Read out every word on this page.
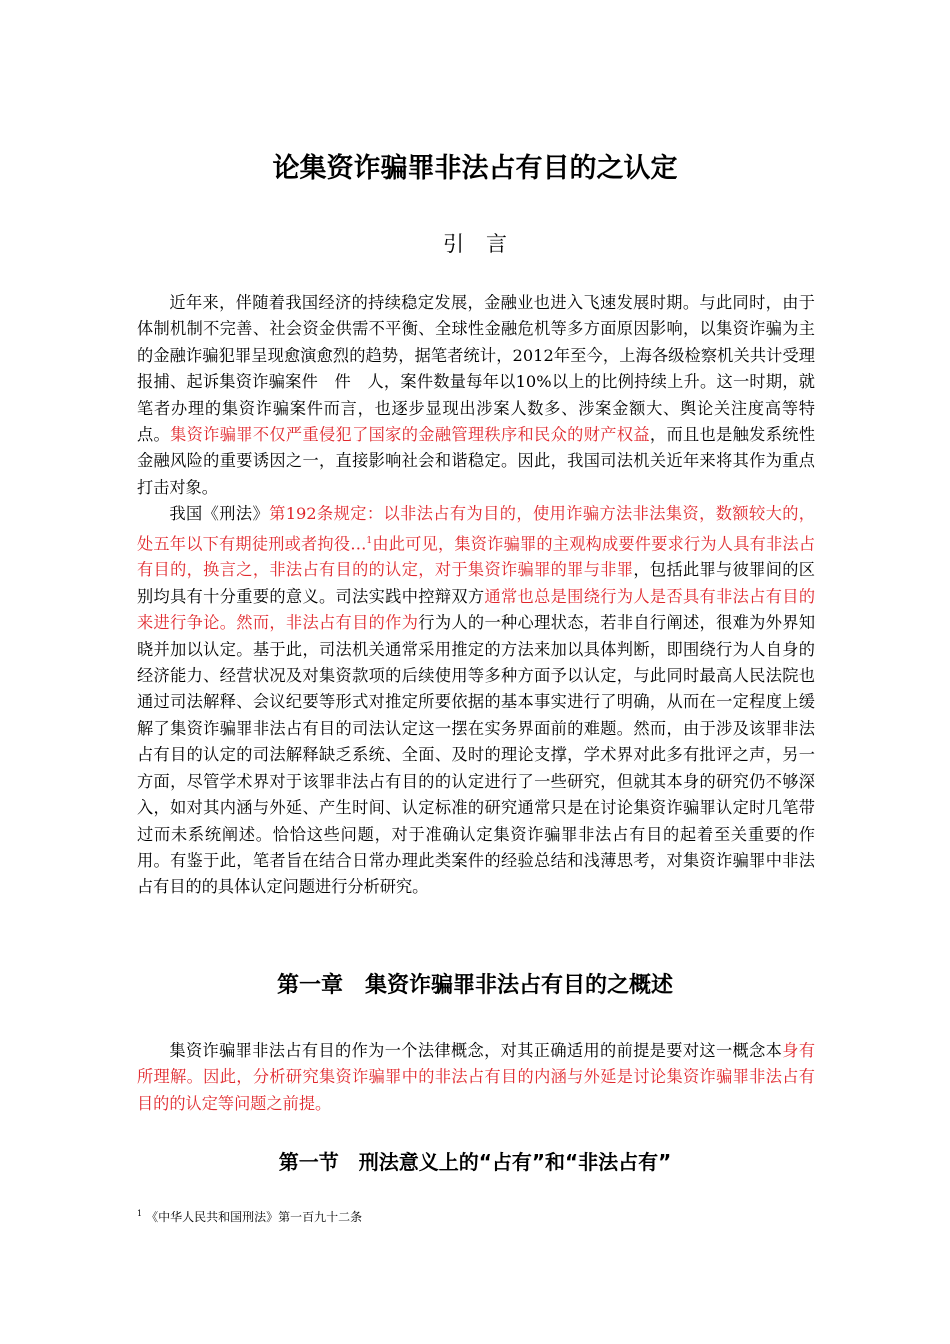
论集资诈骗罪非法占有目的之认定
引言

近年来，伴随着我国经济的持续稳定发展，金融业也进入飞速发展时期。与此同时，由于体制机制不完善、社会资金供需不平衡、全球性金融危机等多方面原因影响，以集资诈骗为主的金融诈骗犯罪呈现愈演愈烈的趋势，据笔者统计，2012年至今，上海各级检察机关共计受理报捕、起诉集资诈骗案件　件　人，案件数量每年以10%以上的比例持续上升。这一时期，就笔者办理的集资诈骗案件而言，也逐步显现出涉案人数多、涉案金额大、舆论关注度高等特点。集资诈骗罪不仅严重侵犯了国家的金融管理秩序和民众的财产权益，而且也是触发系统性金融风险的重要诱因之一，直接影响社会和谐稳定。因此，我国司法机关近年来将其作为重点打击对象。

我国《刑法》第192条规定：以非法占有为目的，使用诈骗方法非法集资，数额较大的，处五年以下有期徒刑或者拘役…$^1$由此可见，集资诈骗罪的主观构成要件要求行为人具有非法占有目的，换言之，非法占有目的的认定，对于集资诈骗罪的罪与非罪，包括此罪与彼罪间的区别均具有十分重要的意义。司法实践中控辩双方通常也总是围绕行为人是否具有非法占有目的来进行争论。然而，非法占有目的作为行为人的一种心理状态，若非自行阐述，很难为外界知晓并加以认定。基于此，司法机关通常采用推定的方法来加以具体判断，即围绕行为人自身的经济能力、经营状况及对集资款项的后续使用等多种方面予以认定，与此同时最高人民法院也通过司法解释、会议纪要等形式对推定所要依据的基本事实进行了明确，从而在一定程度上缓解了集资诈骗罪非法占有目的司法认定这一摆在实务界面前的难题。然而，由于涉及该罪非法占有目的认定的司法解释缺乏系统、全面、及时的理论支撑，学术界对此多有批评之声，另一方面，尽管学术界对于该罪非法占有目的的认定进行了一些研究，但就其本身的研究仍不够深入，如对其内涵与外延、产生时间、认定标准的研究通常只是在讨论集资诈骗罪认定时几笔带过而未系统阐述。恰恰这些问题，对于准确认定集资诈骗罪非法占有目的起着至关重要的作用。有鉴于此，笔者旨在结合日常办理此类案件的经验总结和浅薄思考，对集资诈骗罪中非法占有目的的具体认定问题进行分析研究。

第一章　集资诈骗罪非法占有目的之概述

集资诈骗罪非法占有目的作为一个法律概念，对其正确适用的前提是要对这一概念本身有所理解。因此，分析研究集资诈骗罪中的非法占有目的内涵与外延是讨论集资诈骗罪非法占有目的的认定等问题之前提。

第一节　刑法意义上的“占有”和“非法占有”
$^1$ 《中华人民共和国刑法》第一百九十二条
